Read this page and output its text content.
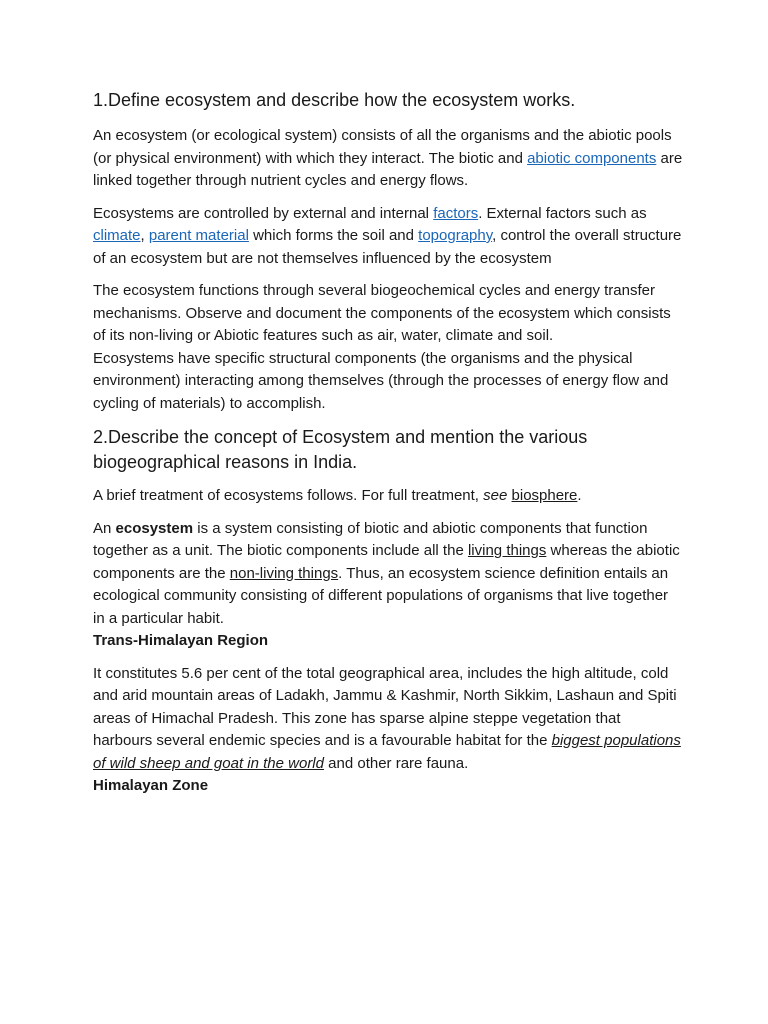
1.Define ecosystem and describe how the ecosystem works.

An ecosystem (or ecological system) consists of all the organisms and the abiotic pools (or physical environment) with which they interact. The biotic and abiotic components are linked together through nutrient cycles and energy flows.

Ecosystems are controlled by external and internal factors. External factors such as climate, parent material which forms the soil and topography, control the overall structure of an ecosystem but are not themselves influenced by the ecosystem

The ecosystem functions through several biogeochemical cycles and energy transfer mechanisms. Observe and document the components of the ecosystem which consists of its non-living or Abiotic features such as air, water, climate and soil.

Ecosystems have specific structural components (the organisms and the physical environment) interacting among themselves (through the processes of energy flow and cycling of materials) to accomplish.

2.Describe the concept of Ecosystem and mention the various biogeographical reasons in India.

A brief treatment of ecosystems follows. For full treatment, see biosphere.

An ecosystem is a system consisting of biotic and abiotic components that function together as a unit. The biotic components include all the living things whereas the abiotic components are the non-living things. Thus, an ecosystem science definition entails an ecological community consisting of different populations of organisms that live together in a particular habit.

Trans-Himalayan Region

It constitutes 5.6 per cent of the total geographical area, includes the high altitude, cold and arid mountain areas of Ladakh, Jammu & Kashmir, North Sikkim, Lashaun and Spiti areas of Himachal Pradesh. This zone has sparse alpine steppe vegetation that harbours several endemic species and is a favourable habitat for the biggest populations of wild sheep and goat in the world and other rare fauna.

Himalayan Zone
